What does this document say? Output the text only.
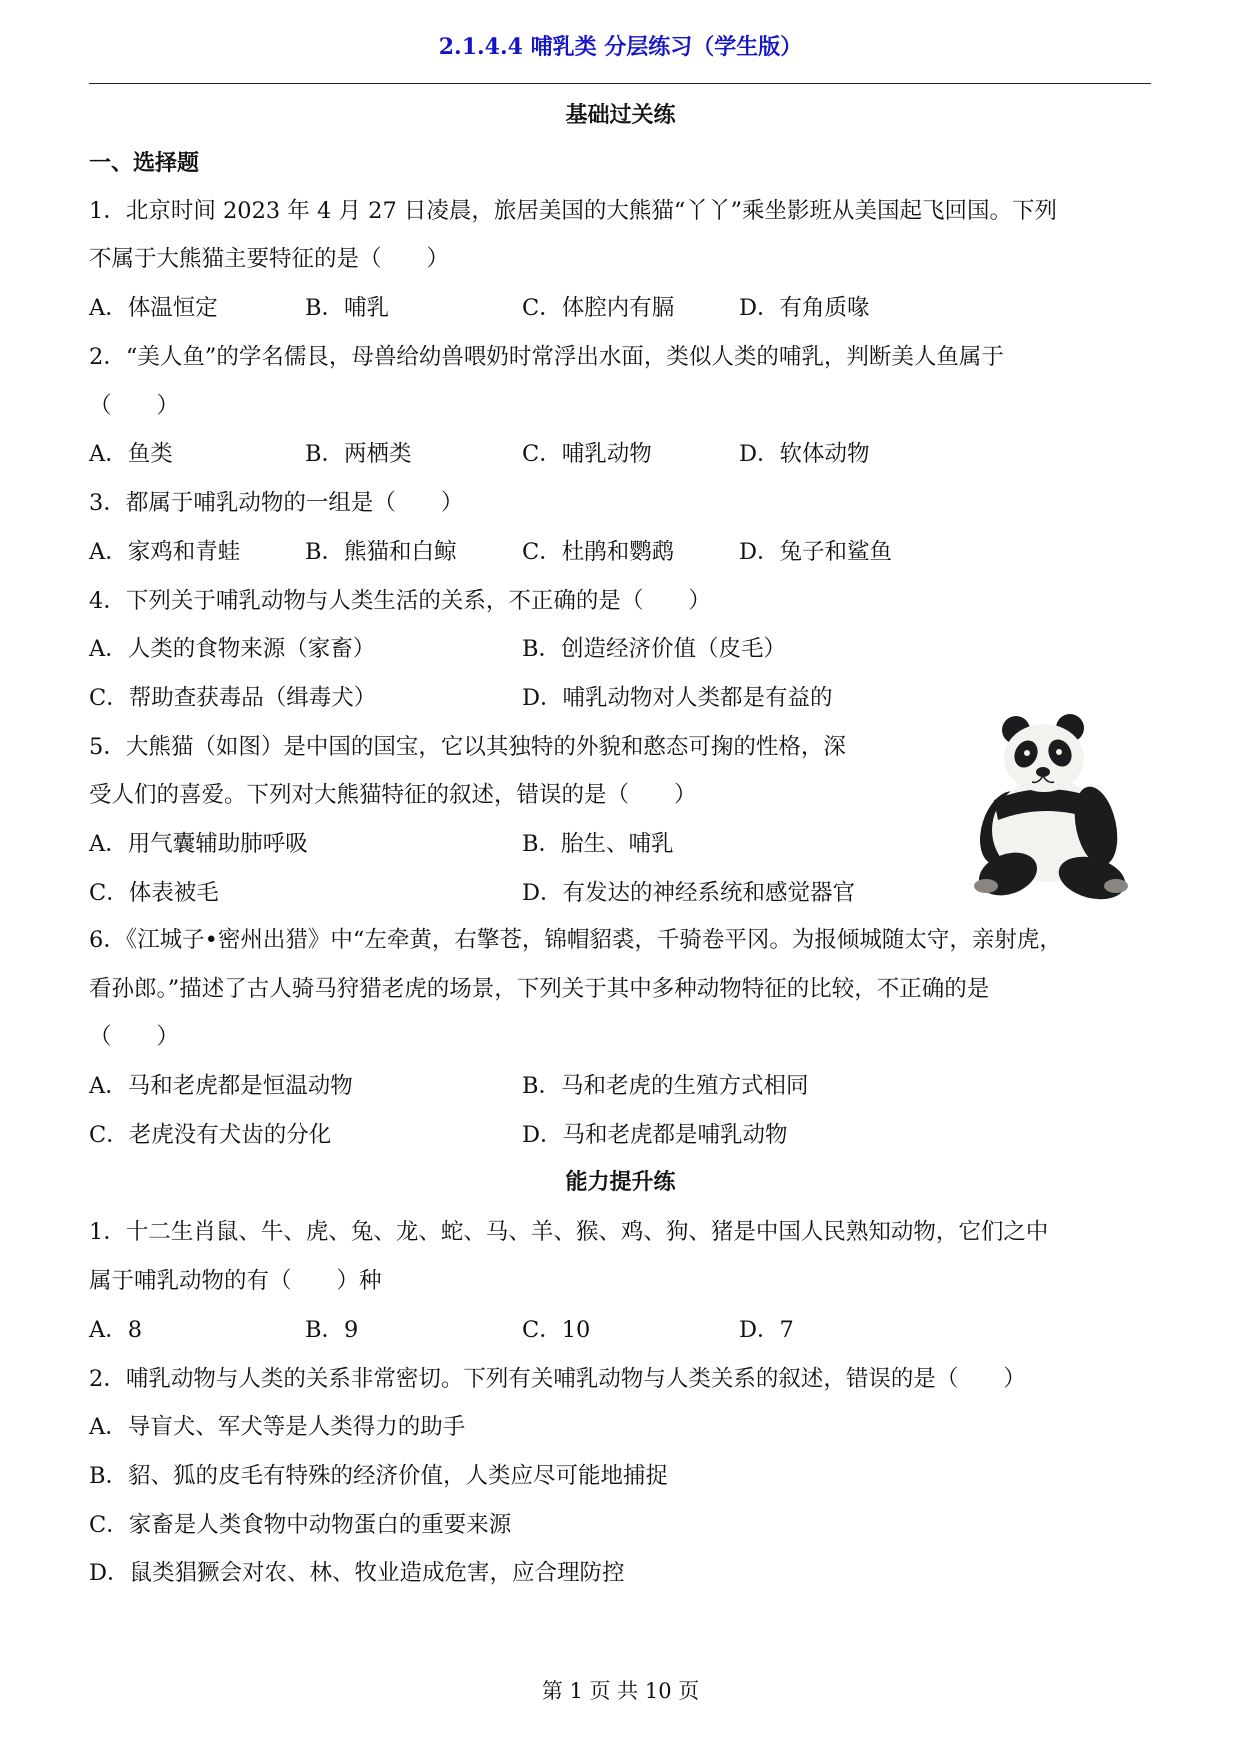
2.1.4.4 哺乳类 分层练习（学生版）
基础过关练
一、选择题
1．北京时间 2023 年 4 月 27 日凌晨，旅居美国的大熊猫“丫丫”乘坐影班从美国起飞回国。下列
不属于大熊猫主要特征的是（　　）
A．体温恒定	B．哺乳	C．体腔内有膈	D．有角质喙
2．“美人鱼”的学名儒艮，母兽给幼兽喂奶时常浮出水面，类似人类的哺乳，判断美人鱼属于
（　　）
A．鱼类	B．两栖类	C．哺乳动物	D．软体动物
3．都属于哺乳动物的一组是（　　）
A．家鸡和青蛙	B．熊猫和白鲸	C．杜鹃和鹦鹉	D．兔子和鲨鱼
4．下列关于哺乳动物与人类生活的关系，不正确的是（　　）
A．人类的食物来源（家畜）	B．创造经济价值（皮毛）
C．帮助查获毒品（缉毒犬）	D．哺乳动物对人类都是有益的
5．大熊猫（如图）是中国的国宝，它以其独特的外貌和憨态可掬的性格，深
受人们的喜爱。下列对大熊猫特征的叙述，错误的是（　　）
A．用气囊辅助肺呼吸	B．胎生、哺乳
C．体表被毛	D．有发达的神经系统和感觉器官
6．《江城子•密州出猎》中“左牵黄，右擎苍，锦帽貂裘，千骑卷平冈。为报倾城随太守，亲射虎，
看孙郎。”描述了古人骑马狩猎老虎的场景，下列关于其中多种动物特征的比较，不正确的是
（　　）
A．马和老虎都是恒温动物	B．马和老虎的生殖方式相同
C．老虎没有犬齿的分化	D．马和老虎都是哺乳动物
能力提升练
1．十二生肖鼠、牛、虎、兔、龙、蛇、马、羊、猴、鸡、狗、猪是中国人民熟知动物，它们之中
属于哺乳动物的有（　　）种
A．8	B．9	C．10	D．7
2．哺乳动物与人类的关系非常密切。下列有关哺乳动物与人类关系的叙述，错误的是（　　）
A．导盲犬、军犬等是人类得力的助手
B．貂、狐的皮毛有特殊的经济价值，人类应尽可能地捕捉
C．家畜是人类食物中动物蛋白的重要来源
D．鼠类猖獗会对农、林、牧业造成危害，应合理防控
第 1 页 共 10 页
